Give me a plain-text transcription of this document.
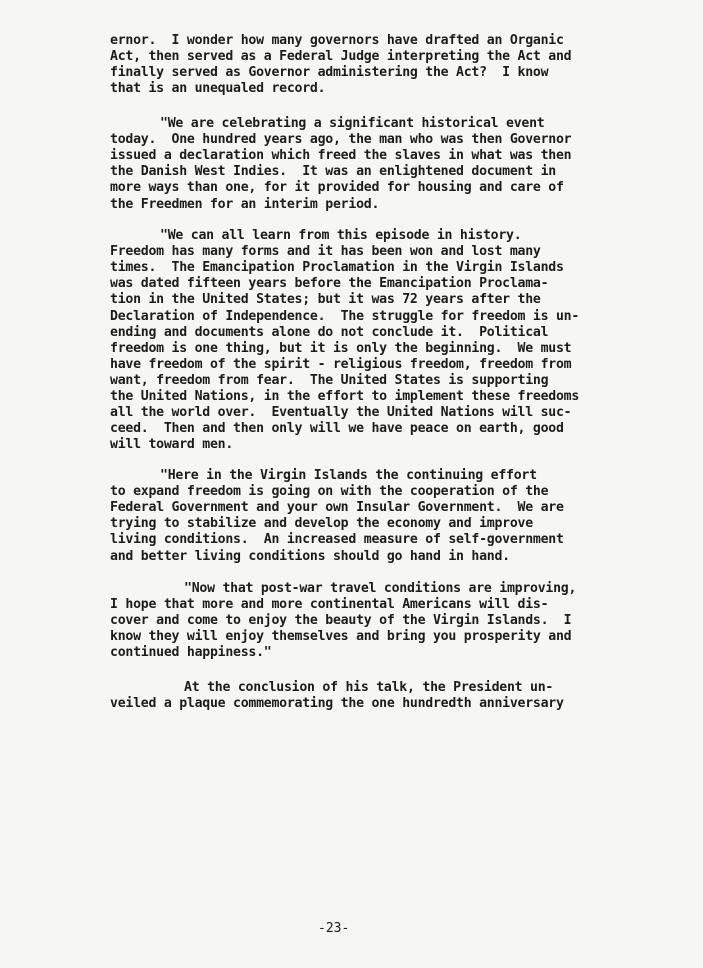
ernor.  I wonder how many governors have drafted an Organic
Act, then served as a Federal Judge interpreting the Act and
finally served as Governor administering the Act?  I know
that is an unequaled record.
"We are celebrating a significant historical event
today.  One hundred years ago, the man who was then Governor
issued a declaration which freed the slaves in what was then
the Danish West Indies.  It was an enlightened document in
more ways than one, for it provided for housing and care of
the Freedmen for an interim period.
"We can all learn from this episode in history.
Freedom has many forms and it has been won and lost many
times.  The Emancipation Proclamation in the Virgin Islands
was dated fifteen years before the Emancipation Proclama-
tion in the United States; but it was 72 years after the
Declaration of Independence.  The struggle for freedom is un-
ending and documents alone do not conclude it.  Political
freedom is one thing, but it is only the beginning.  We must
have freedom of the spirit - religious freedom, freedom from
want, freedom from fear.  The United States is supporting
the United Nations, in the effort to implement these freedoms
all the world over.  Eventually the United Nations will suc-
ceed.  Then and then only will we have peace on earth, good
will toward men.
"Here in the Virgin Islands the continuing effort
to expand freedom is going on with the cooperation of the
Federal Government and your own Insular Government.  We are
trying to stabilize and develop the economy and improve
living conditions.  An increased measure of self-government
and better living conditions should go hand in hand.
"Now that post-war travel conditions are improving,
I hope that more and more continental Americans will dis-
cover and come to enjoy the beauty of the Virgin Islands.  I
know they will enjoy themselves and bring you prosperity and
continued happiness."
At the conclusion of his talk, the President un-
veiled a plaque commemorating the one hundredth anniversary
-23-
